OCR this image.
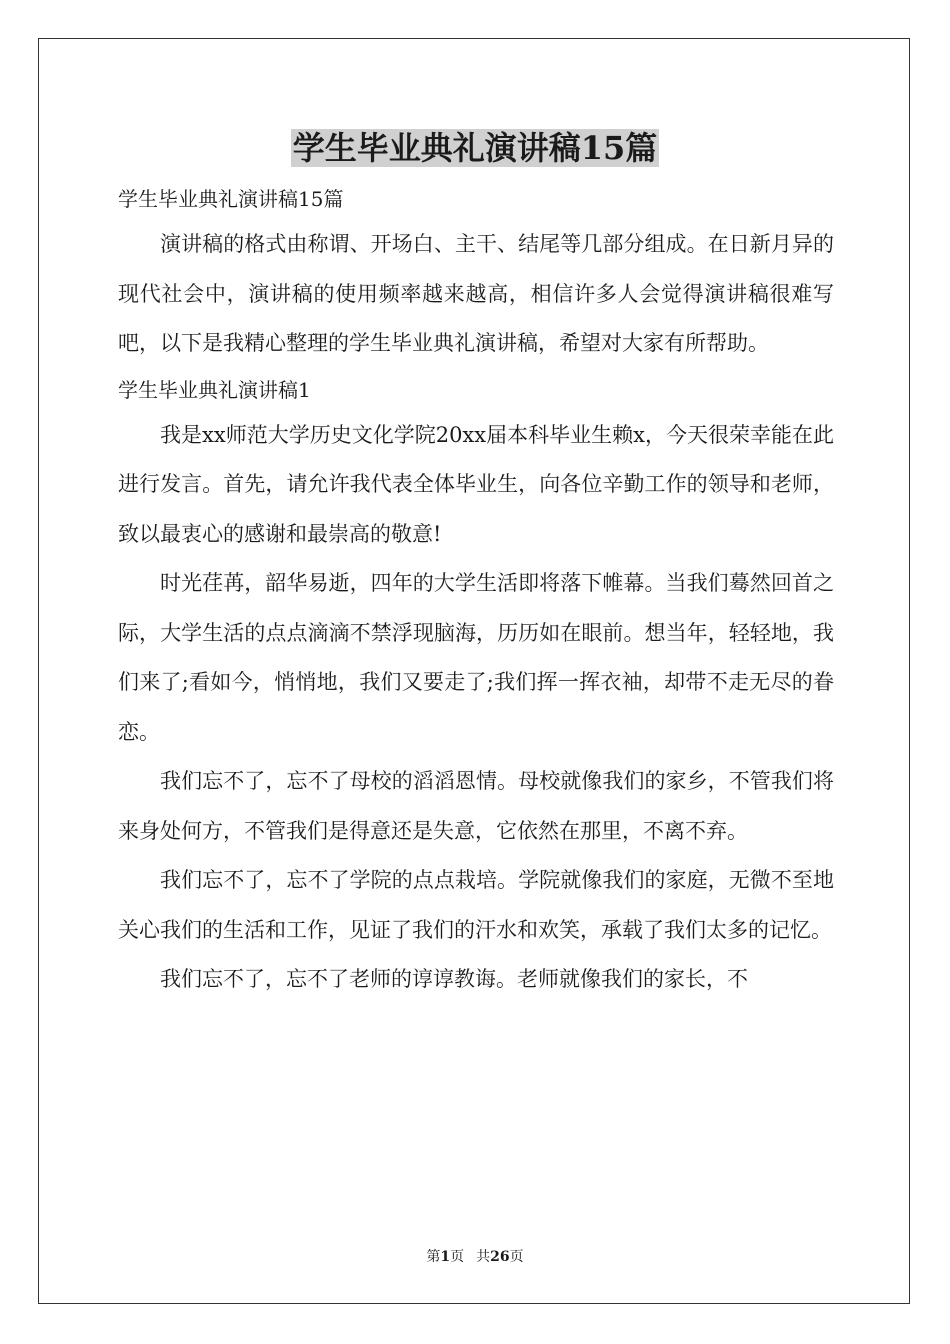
学生毕业典礼演讲稿15篇

学生毕业典礼演讲稿15篇

演讲稿的格式由称谓、开场白、主干、结尾等几部分组成。在日新月异的现代社会中，演讲稿的使用频率越来越高，相信许多人会觉得演讲稿很难写吧，以下是我精心整理的学生毕业典礼演讲稿，希望对大家有所帮助。

学生毕业典礼演讲稿1

我是xx师范大学历史文化学院20xx届本科毕业生赖x，今天很荣幸能在此进行发言。首先，请允许我代表全体毕业生，向各位辛勤工作的领导和老师，致以最衷心的感谢和最崇高的敬意!

时光荏苒，韶华易逝，四年的大学生活即将落下帷幕。当我们蓦然回首之际，大学生活的点点滴滴不禁浮现脑海，历历如在眼前。想当年，轻轻地，我们来了;看如今，悄悄地，我们又要走了;我们挥一挥衣袖，却带不走无尽的眷恋。

我们忘不了，忘不了母校的滔滔恩情。母校就像我们的家乡，不管我们将来身处何方，不管我们是得意还是失意，它依然在那里，不离不弃。

我们忘不了，忘不了学院的点点栽培。学院就像我们的家庭，无微不至地关心我们的生活和工作，见证了我们的汗水和欢笑，承载了我们太多的记忆。

我们忘不了，忘不了老师的谆谆教诲。老师就像我们的家长，不

第1页 共26页
